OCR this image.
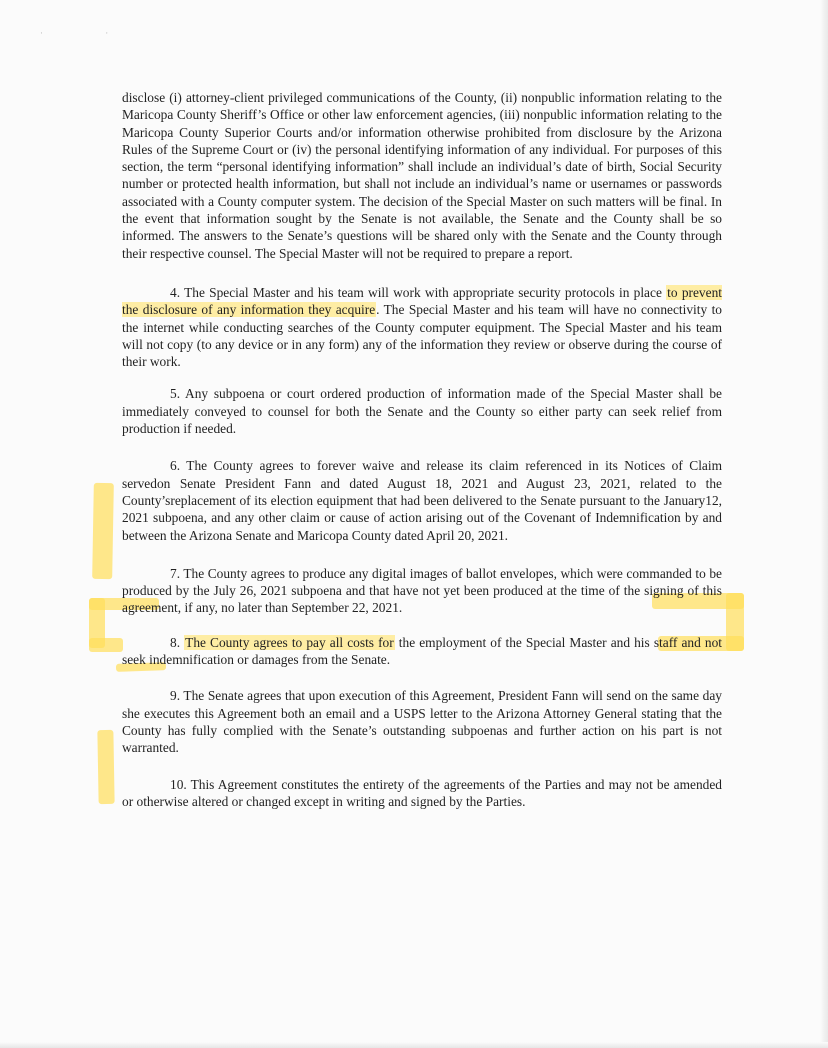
· ·

disclose (i) attorney-client privileged communications of the County, (ii) nonpublic information relating to the Maricopa County Sheriff’s Office or other law enforcement agencies, (iii) nonpublic information relating to the Maricopa County Superior Courts and/or information otherwise prohibited from disclosure by the Arizona Rules of the Supreme Court or (iv) the personal identifying information of any individual. For purposes of this section, the term “personal identifying information” shall include an individual’s date of birth, Social Security number or protected health information, but shall not include an individual’s name or usernames or passwords associated with a County computer system. The decision of the Special Master on such matters will be final. In the event that information sought by the Senate is not available, the Senate and the County shall be so informed. The answers to the Senate’s questions will be shared only with the Senate and the County through their respective counsel. The Special Master will not be required to prepare a report.

4. The Special Master and his team will work with appropriate security protocols in place to prevent the disclosure of any information they acquire. The Special Master and his team will have no connectivity to the internet while conducting searches of the County computer equipment. The Special Master and his team will not copy (to any device or in any form) any of the information they review or observe during the course of their work.

5. Any subpoena or court ordered production of information made of the Special Master shall be immediately conveyed to counsel for both the Senate and the County so either party can seek relief from production if needed.

6. The County agrees to forever waive and release its claim referenced in its Notices of Claim servedon Senate President Fann and dated August 18, 2021 and August 23, 2021, related to the County’sreplacement of its election equipment that had been delivered to the Senate pursuant to the January12, 2021 subpoena, and any other claim or cause of action arising out of the Covenant of Indemnification by and between the Arizona Senate and Maricopa County dated April 20, 2021.

7. The County agrees to produce any digital images of ballot envelopes, which were commanded to be produced by the July 26, 2021 subpoena and that have not yet been produced at the time of the signing of this agreement, if any, no later than September 22, 2021.

8. The County agrees to pay all costs for the employment of the Special Master and his staff and not seek indemnification or damages from the Senate.

9. The Senate agrees that upon execution of this Agreement, President Fann will send on the same day she executes this Agreement both an email and a USPS letter to the Arizona Attorney General stating that the County has fully complied with the Senate’s outstanding subpoenas and further action on his part is not warranted.

10. This Agreement constitutes the entirety of the agreements of the Parties and may not be amended or otherwise altered or changed except in writing and signed by the Parties.
